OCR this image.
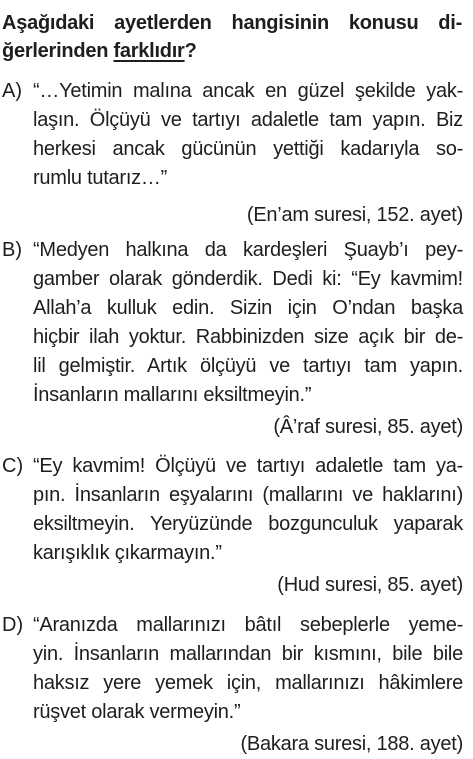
Aşağıdaki ayetlerden hangisinin konusu di-
ğerlerinden farklıdır?
A) “…Yetimin malına ancak en güzel şekilde yak-
laşın. Ölçüyü ve tartıyı adaletle tam yapın. Biz
herkesi ancak gücünün yettiği kadarıyla so-
rumlu tutarız…”
(En’am suresi, 152. ayet)
B) “Medyen halkına da kardeşleri Şuayb’ı pey-
gamber olarak gönderdik. Dedi ki: “Ey kavmim!
Allah’a kulluk edin. Sizin için O’ndan başka
hiçbir ilah yoktur. Rabbinizden size açık bir de-
lil gelmiştir. Artık ölçüyü ve tartıyı tam yapın.
İnsanların mallarını eksiltmeyin.”
(Â’raf suresi, 85. ayet)
C) “Ey kavmim! Ölçüyü ve tartıyı adaletle tam ya-
pın. İnsanların eşyalarını (mallarını ve haklarını)
eksiltmeyin. Yeryüzünde bozgunculuk yaparak
karışıklık çıkarmayın.”
(Hud suresi, 85. ayet)
D) “Aranızda mallarınızı bâtıl sebeplerle yeme-
yin. İnsanların mallarından bir kısmını, bile bile
haksız yere yemek için, mallarınızı hâkimlere
rüşvet olarak vermeyin.”
(Bakara suresi, 188. ayet)
